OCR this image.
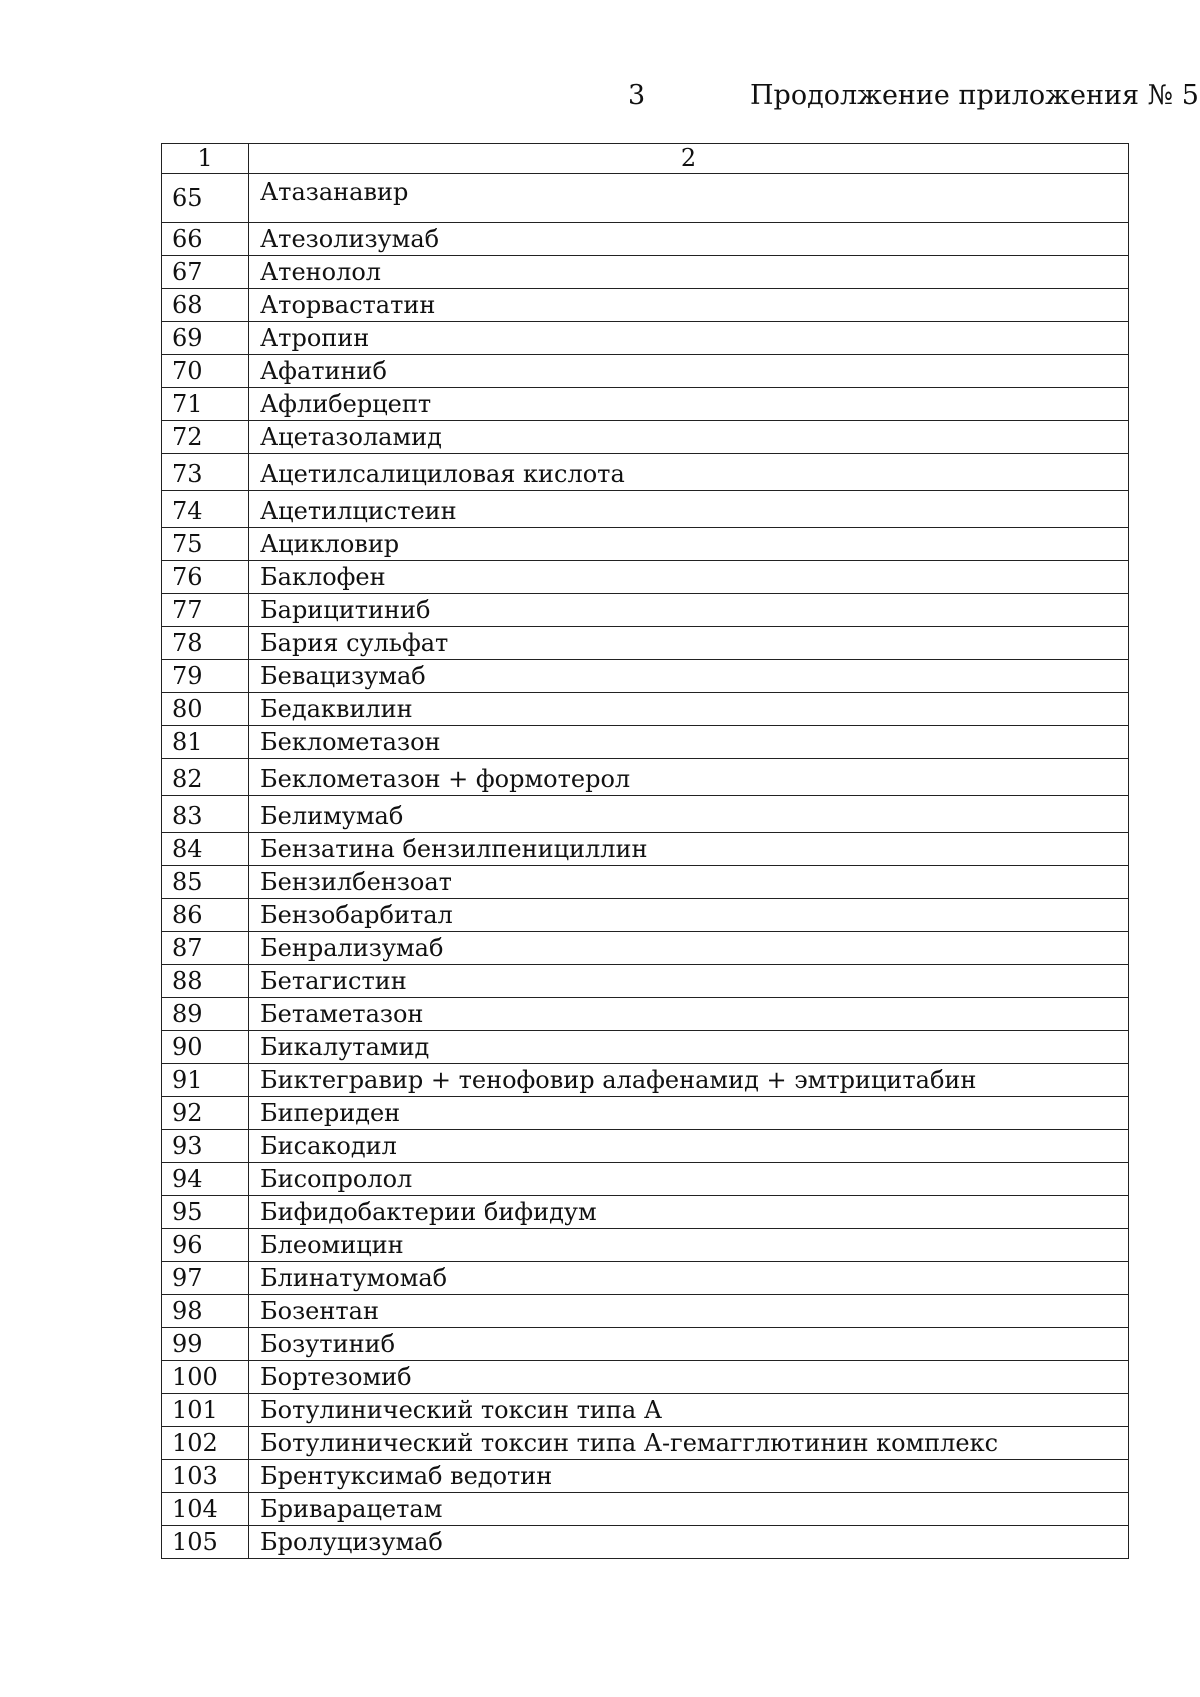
3	Продолжение приложения № 5
1	2
65	Атазанавир
66	Атезолизумаб
67	Атенолол
68	Аторвастатин
69	Атропин
70	Афатиниб
71	Афлиберцепт
72	Ацетазоламид
73	Ацетилсалициловая кислота
74	Ацетилцистеин
75	Ацикловир
76	Баклофен
77	Барицитиниб
78	Бария сульфат
79	Бевацизумаб
80	Бедаквилин
81	Беклометазон
82	Беклометазон + формотерол
83	Белимумаб
84	Бензатина бензилпенициллин
85	Бензилбензоат
86	Бензобарбитал
87	Бенрализумаб
88	Бетагистин
89	Бетаметазон
90	Бикалутамид
91	Биктегравир + тенофовир алафенамид + эмтрицитабин
92	Бипериден
93	Бисакодил
94	Бисопролол
95	Бифидобактерии бифидум
96	Блеомицин
97	Блинатумомаб
98	Бозентан
99	Бозутиниб
100	Бортезомиб
101	Ботулинический токсин типа А
102	Ботулинический токсин типа А-гемагглютинин комплекс
103	Брентуксимаб ведотин
104	Бриварацетам
105	Бролуцизумаб
